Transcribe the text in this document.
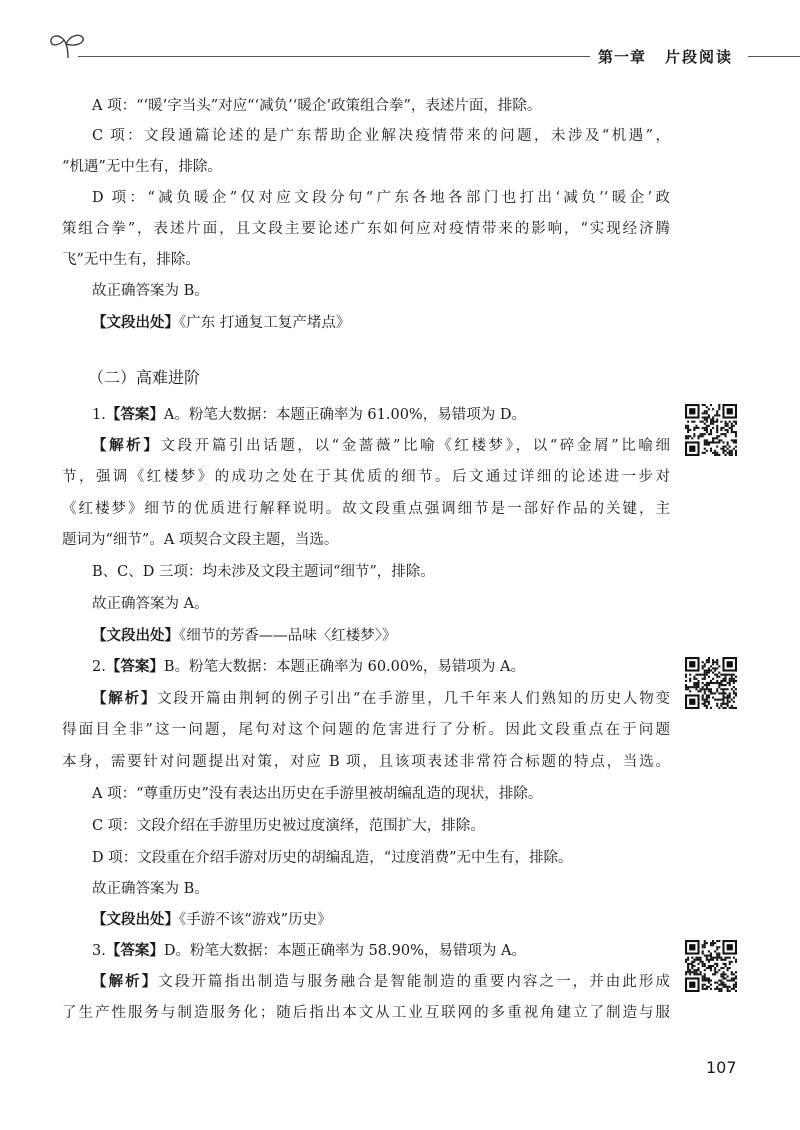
第一章 片段阅读
A 项：“‘暖’字当头”对应“‘减负’‘暖企’政策组合拳”，表述片面，排除。
C 项：文段通篇论述的是广东帮助企业解决疫情带来的问题，未涉及“机遇”，
“机遇”无中生有，排除。
D 项：“减负暖企”仅对应文段分句“广东各地各部门也打出‘减负’‘暖企’政
策组合拳”，表述片面，且文段主要论述广东如何应对疫情带来的影响，“实现经济腾
飞”无中生有，排除。
故正确答案为 B。
【文段出处】《广东 打通复工复产堵点》
（二）高难进阶
1.【答案】A。粉笔大数据：本题正确率为 61.00%，易错项为 D。
【解析】文段开篇引出话题，以“金蔷薇”比喻《红楼梦》，以“碎金屑”比喻细
节，强调《红楼梦》的成功之处在于其优质的细节。后文通过详细的论述进一步对
《红楼梦》细节的优质进行解释说明。故文段重点强调细节是一部好作品的关键，主
题词为“细节”。A 项契合文段主题，当选。
B、C、D 三项：均未涉及文段主题词“细节”，排除。
故正确答案为 A。
【文段出处】《细节的芳香——品味〈红楼梦〉》
2.【答案】B。粉笔大数据：本题正确率为 60.00%，易错项为 A。
【解析】文段开篇由荆轲的例子引出“在手游里，几千年来人们熟知的历史人物变
得面目全非”这一问题，尾句对这个问题的危害进行了分析。因此文段重点在于问题
本身，需要针对问题提出对策，对应 B 项，且该项表述非常符合标题的特点，当选。
A 项：“尊重历史”没有表达出历史在手游里被胡编乱造的现状，排除。
C 项：文段介绍在手游里历史被过度演绎，范围扩大，排除。
D 项：文段重在介绍手游对历史的胡编乱造，“过度消费”无中生有，排除。
故正确答案为 B。
【文段出处】《手游不该“游戏”历史》
3.【答案】D。粉笔大数据：本题正确率为 58.90%，易错项为 A。
【解析】文段开篇指出制造与服务融合是智能制造的重要内容之一，并由此形成
了生产性服务与制造服务化；随后指出本文从工业互联网的多重视角建立了制造与服
107
